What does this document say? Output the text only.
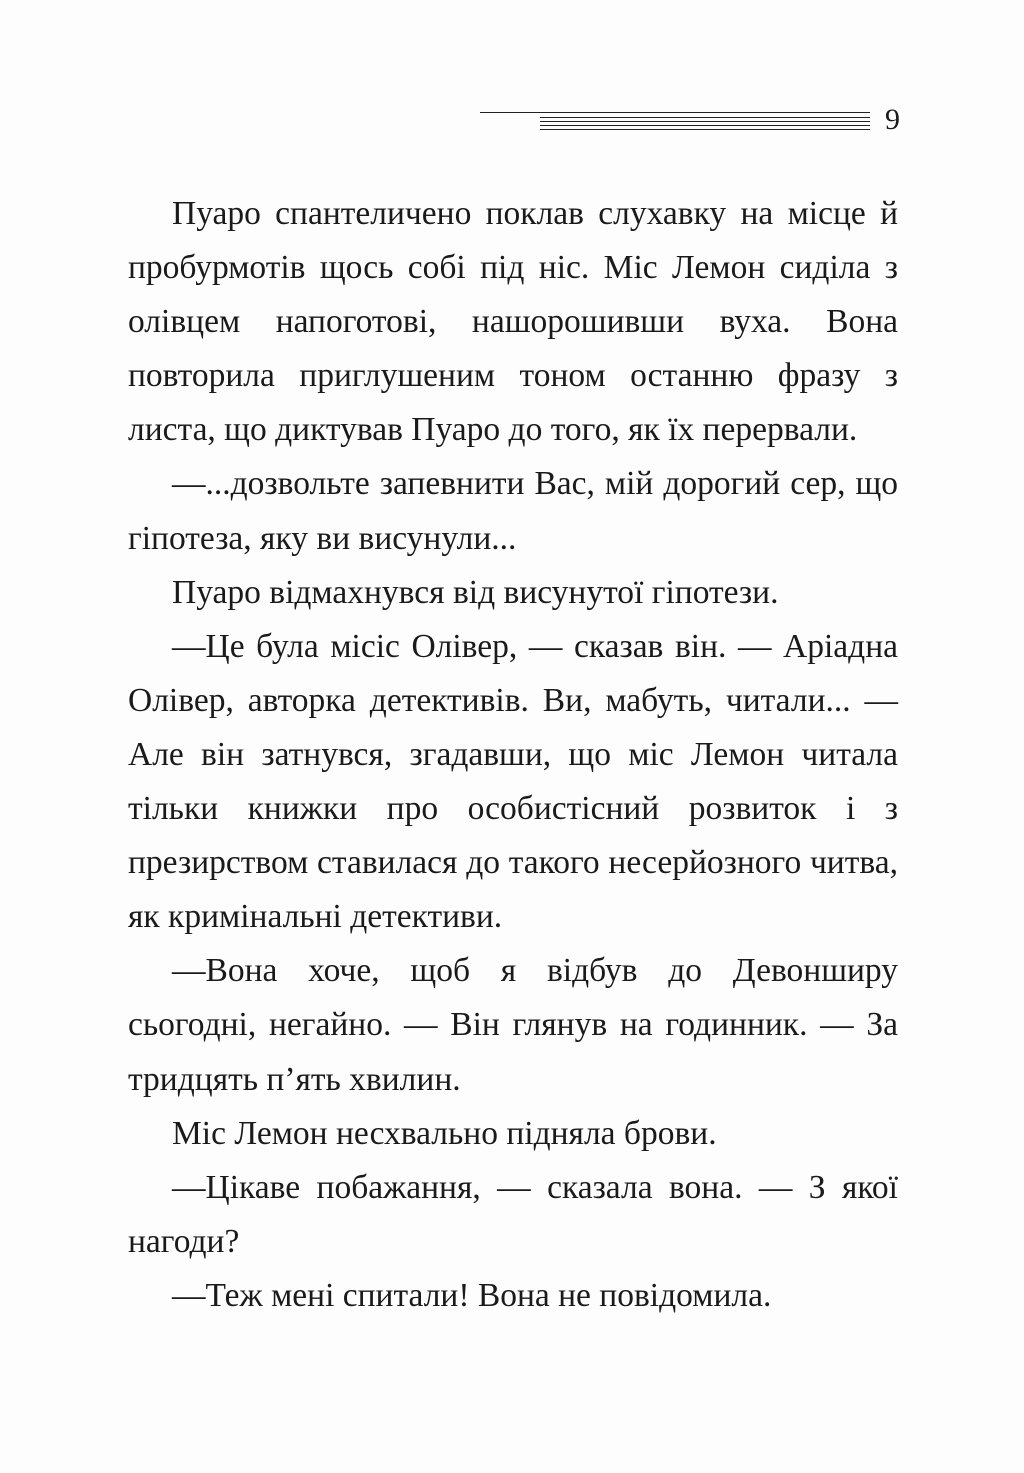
9

Пуаро спантеличено поклав слухавку на місце й пробурмотів щось собі під ніс. Міс Лемон сиділа з олівцем напоготові, нашорошивши вуха. Вона повторила приглушеним тоном останню фразу з листа, що диктував Пуаро до того, як їх перервали.

—...дозвольте запевнити Вас, мій дорогий сер, що гіпотеза, яку ви висунули...

Пуаро відмахнувся від висунутої гіпотези.

—Це була місіс Олівер, — сказав він. — Аріадна Олівер, авторка детективів. Ви, мабуть, читали... — Але він затнувся, згадавши, що міс Лемон читала тільки книжки про особистісний розвиток і з презирством ставилася до такого несерйозного читва, як кримінальні детективи.

—Вона хоче, щоб я відбув до Девонширу сьогодні, негайно. — Він глянув на годинник. — За тридцять п’ять хвилин.

Міс Лемон несхвально підняла брови.

—Цікаве побажання, — сказала вона. — З якої нагоди?

—Теж мені спитали! Вона не повідомила.
